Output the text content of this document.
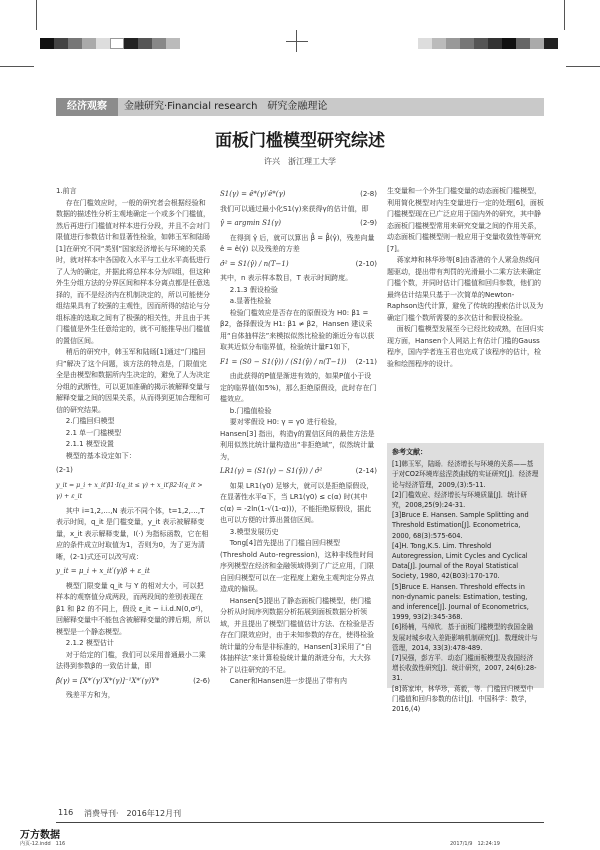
经济观察	金融研究·Financial research　研究金融理论
面板门槛模型研究综述
许兴　浙江理工大学

1.前言

存在门槛效应时，一般的研究者会根据经验和数据的描述性分析主观地确定一个或多个门槛值，然后再进行门槛值对样本进行分段，并且不会对门限值进行参数估计和显著性检验，如韩玉军和陆旸[1]在研究不同“类别”国家经济增长与环境的关系时，就对样本中各国收入水平与工业水平高低进行了人为的确定，并据此将总样本分为四组，但这种外生分组方法的分界区间和样本分离点都是任意选择的，而不是经济内在机制决定的，所以可能使分组结果具有了较强的主观性，因而所得的结论与分组标准的选取之间有了极强的相关性，并且由于其门槛值是外生任意给定的，就不可能推导出门槛值的置信区间。

稍后的研究中，韩玉军和陆旸[1]通过“门槛回归”解决了这个问题，该方法的特点是，门限值完全是由模型和数据所内生决定的，避免了人为决定分组的武断性，可以更加准确的揭示被解释变量与解释变量之间的因果关系，从而得到更加合理和可信的研究结果。

2.门槛回归模型

2.1 单一门槛模型

2.1.1 模型设置

模型的基本设定如下：

(2-1)
y_it = μ_i + x_it′β1·I(q_it ≤ γ) + x_it′β2·I(q_it > γ) + ε_it

其中 i=1,2,…,N 表示不同个体，t=1,2,…,T 表示时间，q_it 是门槛变量，y_it 表示被解释变量，x_it 表示解释变量，I(·) 为指标函数，它在相应的条件成立时取值为1，否则为0，为了更为清晰，(2-1)式还可以改写成：

y_it = μ_i + x_it′(γ)β + ε_it

模型门限变量 q_it 与 Y 的相对大小，可以把样本的观察值分成两段，而两段间的差别表现在 β1 和 β2 的不同上，假设 ε_it ~ i.i.d.N(0,σ²)，回解释变量中不能包含被解释变量的滞后期，所以模型是一个静态模型。

2.1.2 模型估计

对于给定的门槛，我们可以采用普通最小二乘法得到参数β的一致估计量，即

β̂(γ) = [X*′(γ)′X*(γ)]⁻¹X*′(γ)Y*	(2-6)

残差平方和为，

S1(γ) = ê*(γ)′ê*(γ)	(2-8)

我们可以通过最小化S1(γ)来获得γ的估计值，即

γ̂ = argmin S1(γ)	(2-9)

在得到 γ̂ 后，就可以算出 β̂ = β̂(γ̂)，残差向量 ê = ê(γ̂) 以及残差的方差

σ̂² = S1(γ̂) / n(T−1)	(2-10)

其中，n 表示样本数目，T 表示时间跨度。

2.1.3 假设检验

a.显著性检验

检验门槛效应是否存在的原假设为 H0: β1 = β2，备择假设为 H1: β1 ≠ β2，Hansen 建议采用“自体抽样法”来模拟似然比检验的渐近分布以获取其近似分布临界值，检验统计量F1如下，

F1 = (S0 − S1(γ̂)) / (S1(γ̂) / n(T−1)) (2-11)

由此获得的P值是渐进有效的，如果P值小于设定的临界值(如5%)，那么拒绝原假设，此时存在门槛效应。

b.门槛值检验

要对零假设 H0: γ = γ0 进行检验，Hansen[3] 指出，构造γ的置信区间的最佳方法是利用似然比统计量构造出“非拒绝域”，似然统计量为，

LR1(γ) = (S1(γ) − S1(γ̂)) / σ̂²	(2-14)

如果 LR1(γ0) 足够大，就可以是拒绝原假设，在显著性水平α下，当 LR1(γ0) ≤ c(α) 时(其中 c(α) = -2ln(1-√(1-α)))，不能拒绝原假设，据此也可以方便的计算出置信区间。

3.模型发展历史

Tong[4]首先提出了门槛自回归模型(Threshold Auto-regression)，这种非线性时间序列模型在经济和金融领域得到了广泛应用，门限自回归模型可以在一定程度上避免主观判定分界点造成的偏误。

Hansen[5]提出了静态面板门槛模型，使门槛分析从时间序列数据分析拓展到面板数据分析领域，并且提出了模型门槛值估计方法、在检验是否存在门限效应时，由于未知参数的存在，使得检验统计量的分布是非标准的，Hansen[3]采用了“自体抽样法”来计算检验统计量的渐进分布，大大弥补了以往研究的不足。

Caner和Hansen进一步提出了带有内

生变量和一个外生门槛变量的动态面板门槛模型，利用简化模型对内生变量进行一定的处理[6]，面板门槛模型现在已广泛应用于国内外的研究，其中静态面板门槛模型常用来研究变量之间的作用关系，动态面板门槛模型则一般应用于变量收敛性等研究[7]。

蒋家坤和林华珍等[8]由香港的个人紧急热线问题驱动，提出带有判罚的光滑最小二乘方法来确定门槛个数，并同时估计门槛值和回归参数，他们的最终估计结果只基于一次简单的Newton-Raphson迭代计算，避免了传统的搜索估计以及为确定门槛个数所需要的多次估计和假设检验。

面板门槛模型发展至今已经比较成熟，在回归实现方面，Hansen个人网站上有估计门槛的Gauss程序，国内学者连玉君也完成了该程序的估计，检验和绘图程序的设计。

参考文献：
[1]韩玉军，陆旸．经济增长与环境的关系——基于对CO2环境库兹涅茨曲线的实证研究[J]．经济理论与经济管理，2009,(3):5-11.
[2]门槛效应、经济增长与环境质量[J]．统计研究，2008,25(9):24-31.
[3]Bruce E. Hansen. Sample Splitting and Threshold Estimation[J]. Econometrica, 2000, 68(3):575-604.
[4]H. Tong,K.S. Lim. Threshold Autoregression, Limit Cycles and Cyclical Data[J]. Journal of the Royal Statistical Society, 1980, 42(B03):170-170.
[5]Bruce E. Hansen. Threshold effects in non-dynamic panels: Estimation, testing, and inference[J]. Journal of Econometrics, 1999, 93(2):345-368.
[6]杨楠，马绰欣．基于面板门槛模型的我国金融发展对城乡收入差距影响机制研究[J]．数理统计与管理，2014, 33(3):478-489.
[7]吴强，彭方平．动态门槛面板模型及我国经济增长收敛性研究[J]．统计研究，2007, 24(6):28-31.
[8]蒋家坤，林华珍，蒋毅，等．门槛回归模型中门槛值和回归参数的估计[J]．中国科学：数学，2016,(4)
116 消费导刊·　2016年12月刊
万方数据
内页-12.indd　116	2017/1/9　12:24:19
